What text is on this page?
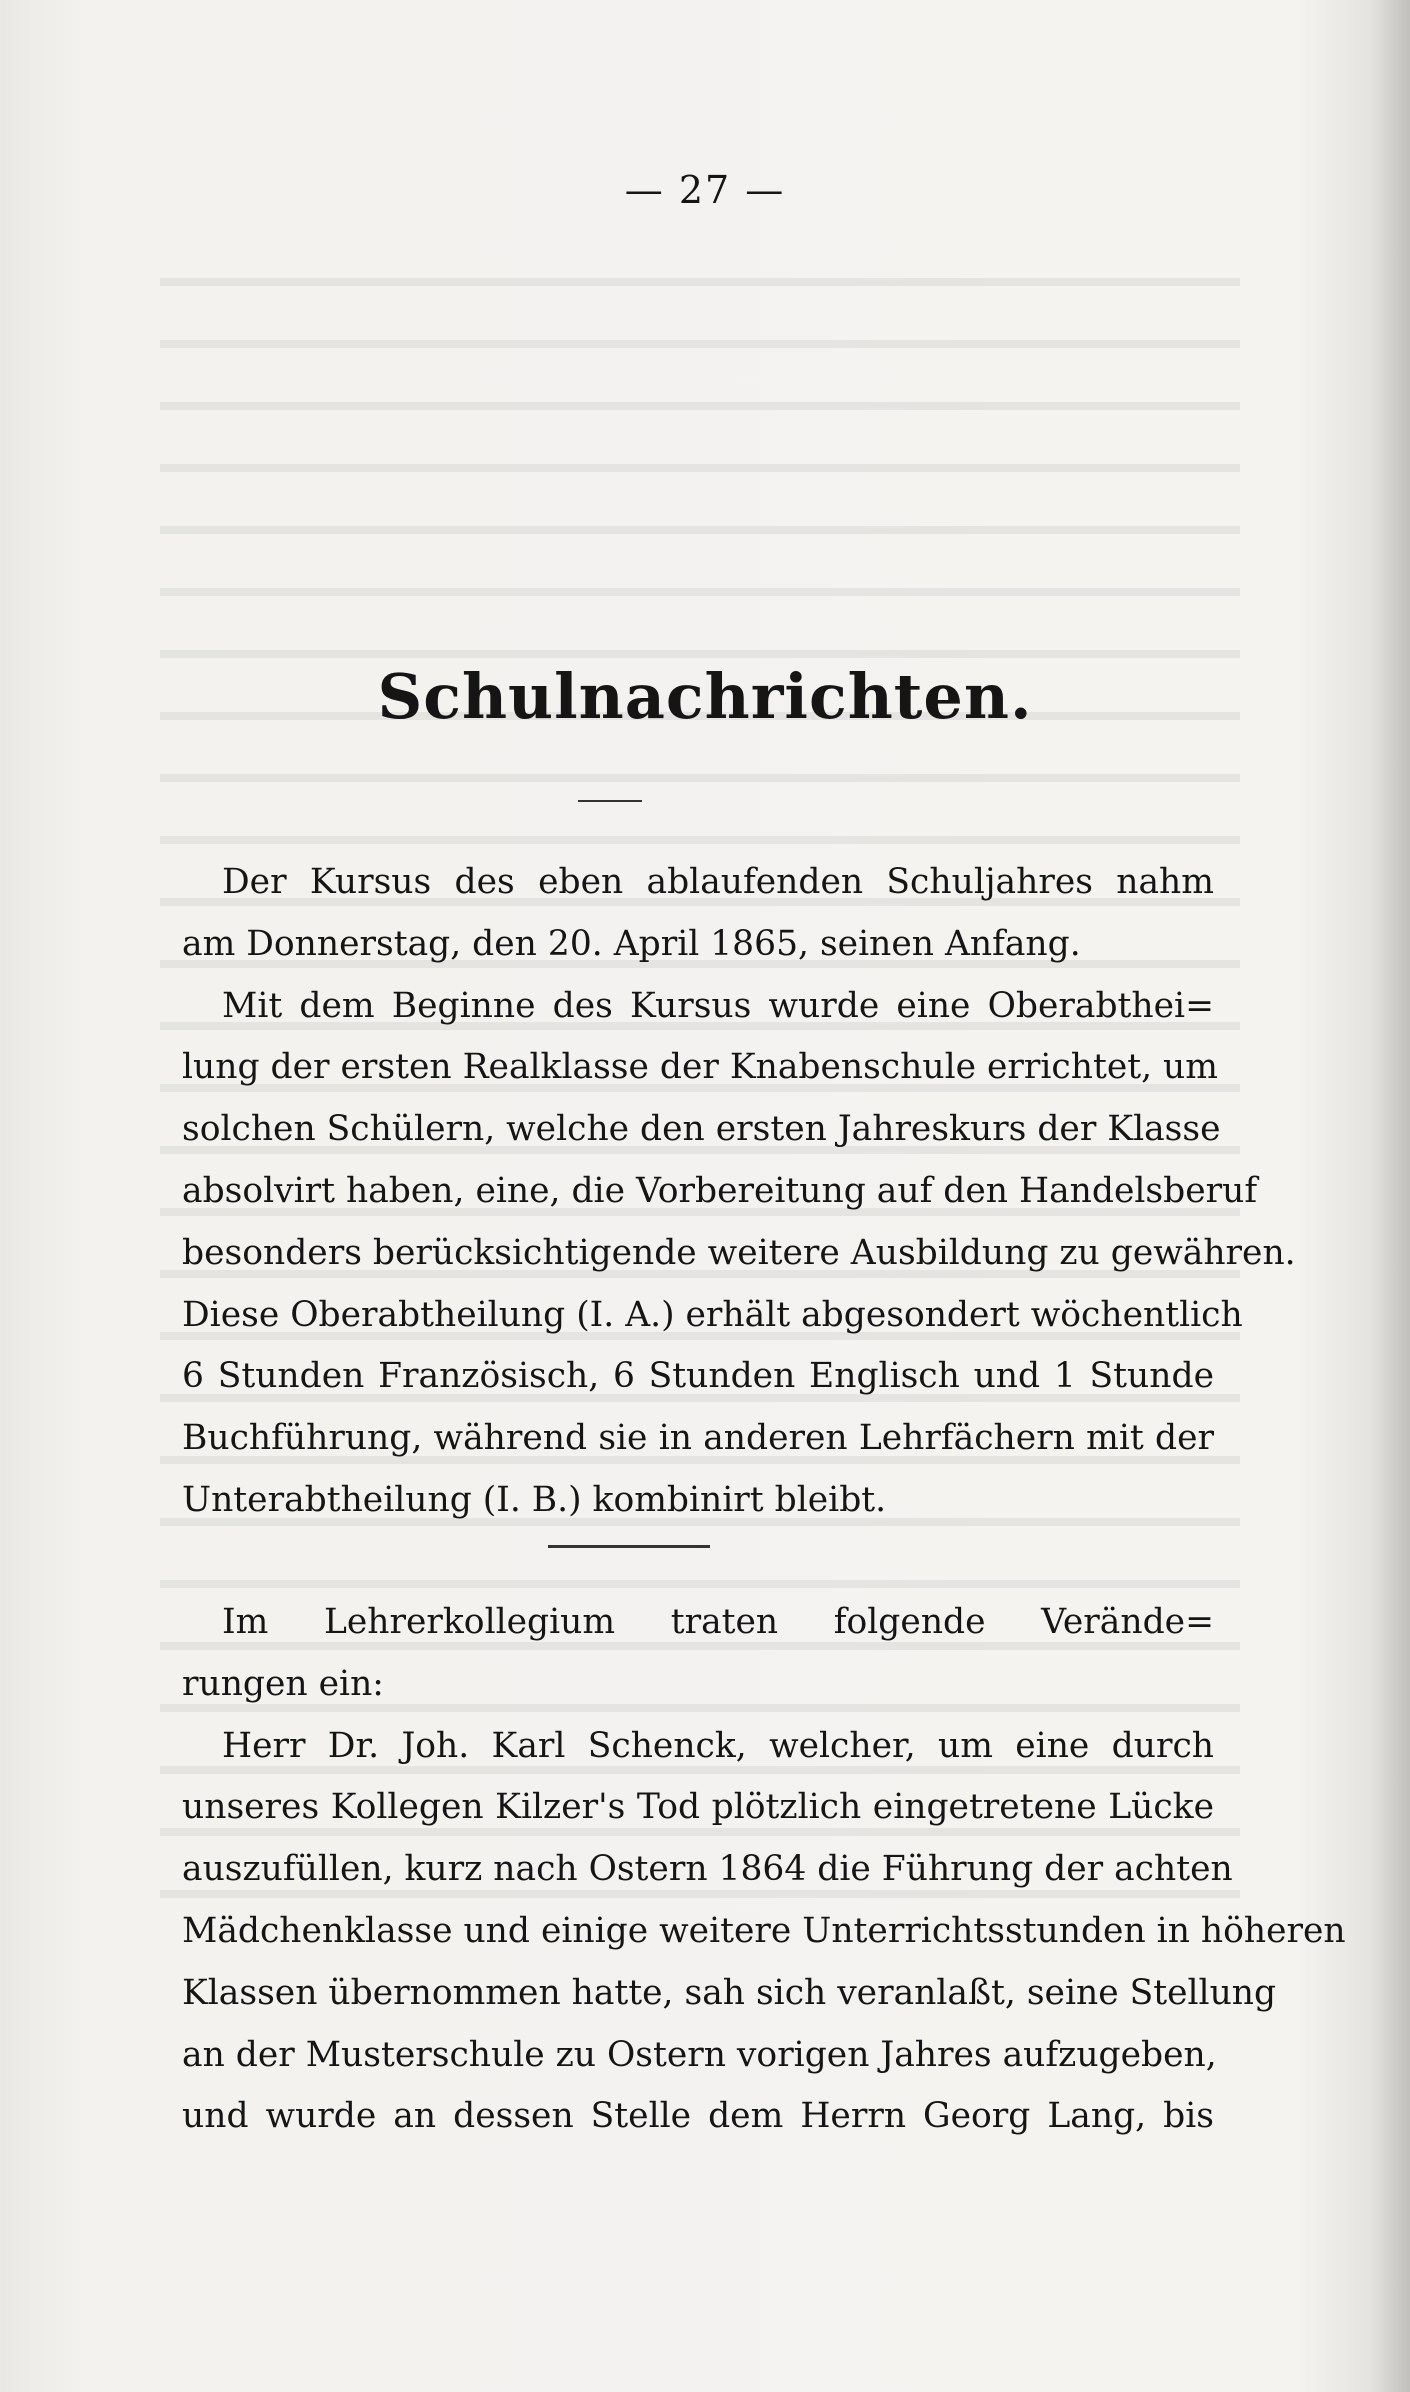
— 27 —
Schulnachrichten.
Der Kursus des eben ablaufenden Schuljahres nahm
am Donnerstag, den 20. April 1865, seinen Anfang.
Mit dem Beginne des Kursus wurde eine Oberabthei=
lung der ersten Realklasse der Knabenschule errichtet, um
solchen Schülern, welche den ersten Jahreskurs der Klasse
absolvirt haben, eine, die Vorbereitung auf den Handelsberuf
besonders berücksichtigende weitere Ausbildung zu gewähren.
Diese Oberabtheilung (I. A.) erhält abgesondert wöchentlich
6 Stunden Französisch, 6 Stunden Englisch und 1 Stunde
Buchführung, während sie in anderen Lehrfächern mit der
Unterabtheilung (I. B.) kombinirt bleibt.
Im Lehrerkollegium traten folgende Verände=
rungen ein:
Herr Dr. Joh. Karl Schenck, welcher, um eine durch
unseres Kollegen Kilzer's Tod plötzlich eingetretene Lücke
auszufüllen, kurz nach Ostern 1864 die Führung der achten
Mädchenklasse und einige weitere Unterrichtsstunden in höheren
Klassen übernommen hatte, sah sich veranlaßt, seine Stellung
an der Musterschule zu Ostern vorigen Jahres aufzugeben,
und wurde an dessen Stelle dem Herrn Georg Lang, bis
